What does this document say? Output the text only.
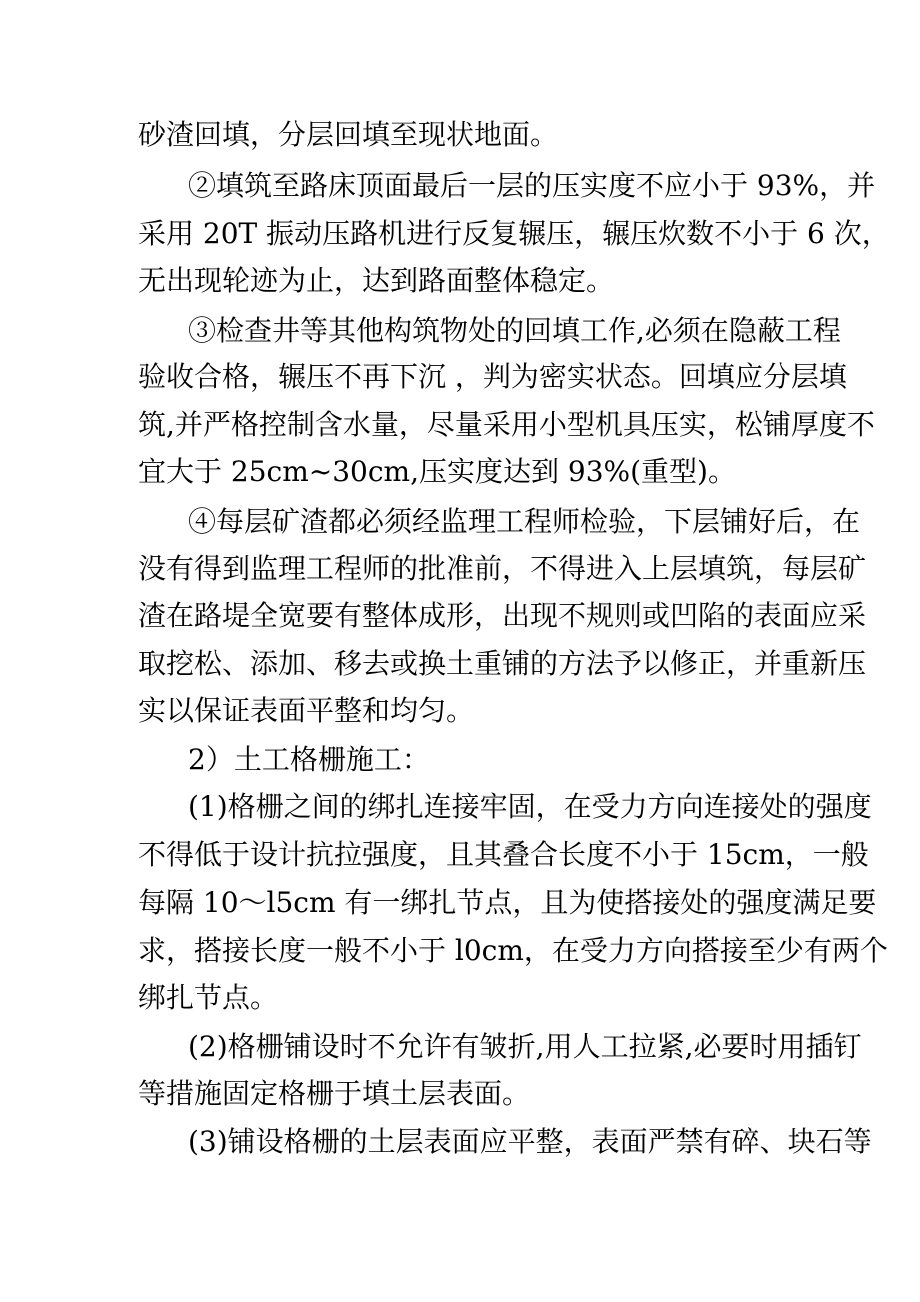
砂渣回填，分层回填至现状地面。
②填筑至路床顶面最后一层的压实度不应小于 93%，并
采用 20T 振动压路机进行反复辗压，辗压炊数不小于 6 次，
无出现轮迹为止，达到路面整体稳定。
③检查井等其他构筑物处的回填工作,必须在隐蔽工程
验收合格，辗压不再下沉 ，判为密实状态。回填应分层填
筑,并严格控制含水量，尽量采用小型机具压实，松铺厚度不
宜大于 25cm~30cm,压实度达到 93%(重型)。
④每层矿渣都必须经监理工程师检验，下层铺好后，在
没有得到监理工程师的批准前，不得进入上层填筑，每层矿
渣在路堤全宽要有整体成形，出现不规则或凹陷的表面应采
取挖松、添加、移去或换土重铺的方法予以修正，并重新压
实以保证表面平整和均匀。
2）土工格栅施工：
(1)格栅之间的绑扎连接牢固，在受力方向连接处的强度
不得低于设计抗拉强度，且其叠合长度不小于 15cm，一般
每隔 10～l5cm 有一绑扎节点，且为使搭接处的强度满足要
求，搭接长度一般不小于 l0cm，在受力方向搭接至少有两个
绑扎节点。
(2)格栅铺设时不允许有皱折,用人工拉紧,必要时用插钉
等措施固定格栅于填土层表面。
(3)铺设格栅的土层表面应平整，表面严禁有碎、块石等
